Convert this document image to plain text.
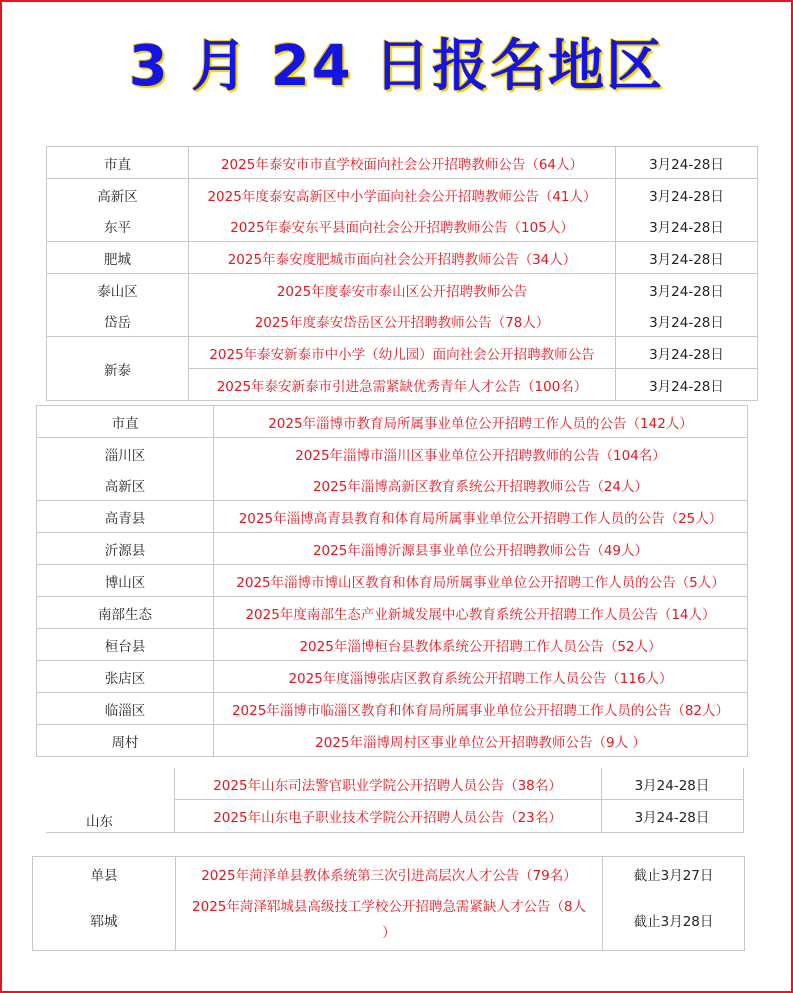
3 月 24 日报名地区
市直	2025年泰安市市直学校面向社会公开招聘教师公告（64人）	3月24-28日
高新区	2025年度泰安高新区中小学面向社会公开招聘教师公告（41人）	3月24-28日
东平	2025年泰安东平县面向社会公开招聘教师公告（105人）	3月24-28日
肥城	2025年泰安度肥城市面向社会公开招聘教师公告（34人）	3月24-28日
泰山区	2025年度泰安市泰山区公开招聘教师公告	3月24-28日
岱岳	2025年度泰安岱岳区公开招聘教师公告（78人）	3月24-28日
新泰	2025年泰安新泰市中小学（幼儿园）面向社会公开招聘教师公告	3月24-28日
	2025年泰安新泰市引进急需紧缺优秀青年人才公告（100名）	3月24-28日
市直	2025年淄博市教育局所属事业单位公开招聘工作人员的公告（142人）
淄川区	2025年淄博市淄川区事业单位公开招聘教师的公告（104名）
高新区	2025年淄博高新区教育系统公开招聘教师公告（24人）
高青县	2025年淄博高青县教育和体育局所属事业单位公开招聘工作人员的公告（25人）
沂源县	2025年淄博沂源县事业单位公开招聘教师公告（49人）
博山区	2025年淄博市博山区教育和体育局所属事业单位公开招聘工作人员的公告（5人）
南部生态	2025年度南部生态产业新城发展中心教育系统公开招聘工作人员公告（14人）
桓台县	2025年淄博桓台县教体系统公开招聘工作人员公告（52人）
张店区	2025年度淄博张店区教育系统公开招聘工作人员公告（116人）
临淄区	2025年淄博市临淄区教育和体育局所属事业单位公开招聘工作人员的公告（82人）
周村	2025年淄博周村区事业单位公开招聘教师公告（9人 ）
山东	2025年山东司法警官职业学院公开招聘人员公告（38名）	3月24-28日
	2025年山东电子职业技术学院公开招聘人员公告（23名）	3月24-28日
单县	2025年菏泽单县教体系统第三次引进高层次人才公告（79名）	截止3月27日
郓城	2025年菏泽郓城县高级技工学校公开招聘急需紧缺人才公告（8人
）	截止3月28日
